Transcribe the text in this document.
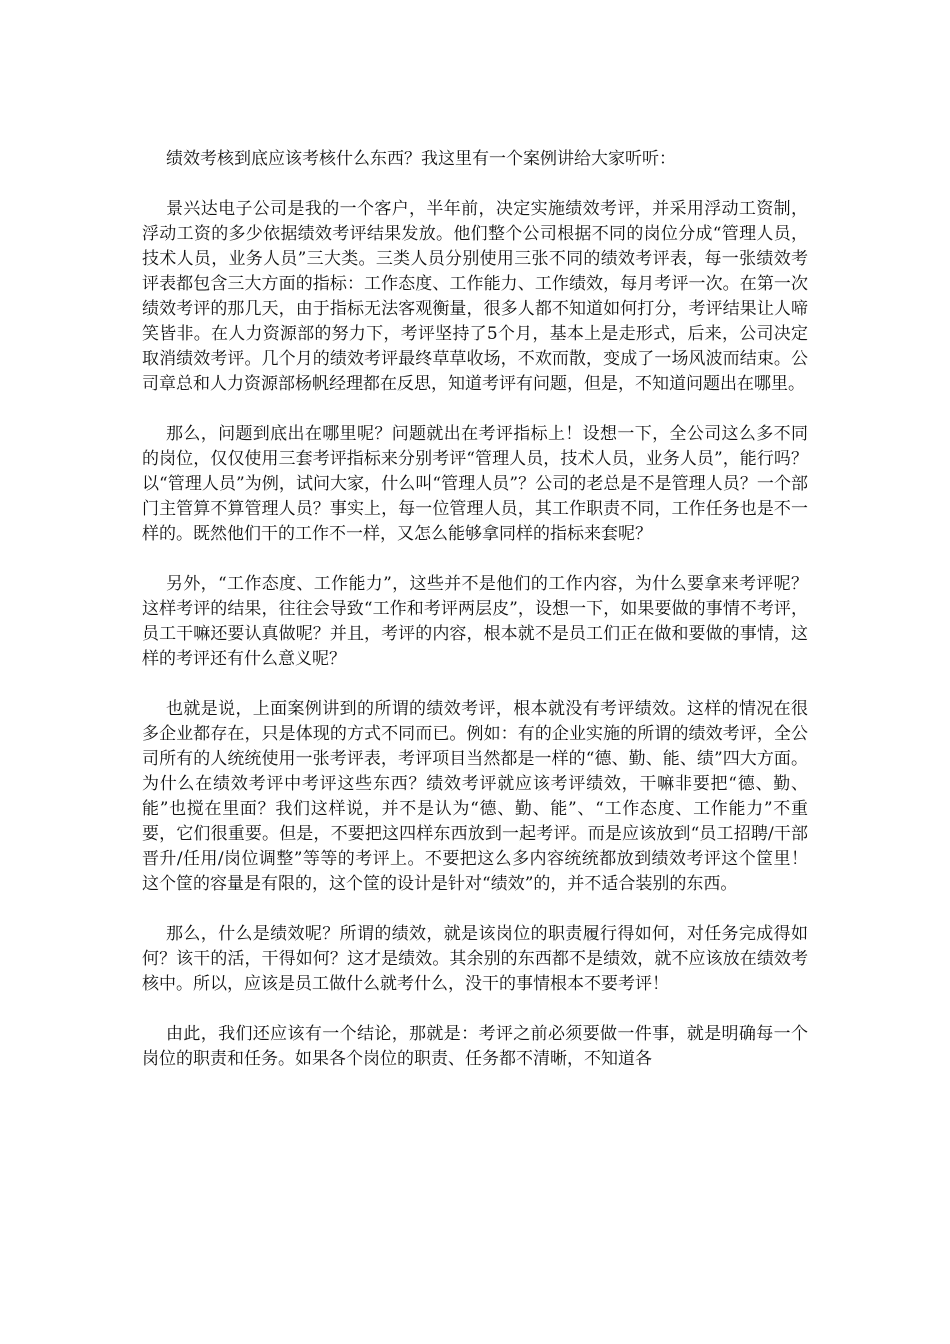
绩效考核到底应该考核什么东西？我这里有一个案例讲给大家听听：

景兴达电子公司是我的一个客户，半年前，决定实施绩效考评，并采用浮动工资制，浮动工资的多少依据绩效考评结果发放。他们整个公司根据不同的岗位分成“管理人员，技术人员，业务人员”三大类。三类人员分别使用三张不同的绩效考评表，每一张绩效考评表都包含三大方面的指标：工作态度、工作能力、工作绩效，每月考评一次。在第一次绩效考评的那几天，由于指标无法客观衡量，很多人都不知道如何打分，考评结果让人啼笑皆非。在人力资源部的努力下，考评坚持了5个月，基本上是走形式，后来，公司决定取消绩效考评。几个月的绩效考评最终草草收场，不欢而散，变成了一场风波而结束。公司章总和人力资源部杨帆经理都在反思，知道考评有问题，但是，不知道问题出在哪里。

那么，问题到底出在哪里呢？问题就出在考评指标上！设想一下，全公司这么多不同的岗位，仅仅使用三套考评指标来分别考评“管理人员，技术人员，业务人员”，能行吗？以“管理人员”为例，试问大家，什么叫“管理人员”？公司的老总是不是管理人员？一个部门主管算不算管理人员？事实上，每一位管理人员，其工作职责不同，工作任务也是不一样的。既然他们干的工作不一样，又怎么能够拿同样的指标来套呢？

另外，“工作态度、工作能力”，这些并不是他们的工作内容，为什么要拿来考评呢？这样考评的结果，往往会导致“工作和考评两层皮”，设想一下，如果要做的事情不考评，员工干嘛还要认真做呢？并且，考评的内容，根本就不是员工们正在做和要做的事情，这样的考评还有什么意义呢？

也就是说，上面案例讲到的所谓的绩效考评，根本就没有考评绩效。这样的情况在很多企业都存在，只是体现的方式不同而已。例如：有的企业实施的所谓的绩效考评，全公司所有的人统统使用一张考评表，考评项目当然都是一样的“德、勤、能、绩”四大方面。为什么在绩效考评中考评这些东西？绩效考评就应该考评绩效，干嘛非要把“德、勤、能”也搅在里面？我们这样说，并不是认为“德、勤、能”、“工作态度、工作能力”不重要，它们很重要。但是，不要把这四样东西放到一起考评。而是应该放到“员工招聘/干部晋升/任用/岗位调整”等等的考评上。不要把这么多内容统统都放到绩效考评这个筐里！这个筐的容量是有限的，这个筐的设计是针对“绩效”的，并不适合装别的东西。

那么，什么是绩效呢？所谓的绩效，就是该岗位的职责履行得如何，对任务完成得如何？该干的活，干得如何？这才是绩效。其余别的东西都不是绩效，就不应该放在绩效考核中。所以，应该是员工做什么就考什么，没干的事情根本不要考评！

由此，我们还应该有一个结论，那就是：考评之前必须要做一件事，就是明确每一个岗位的职责和任务。如果各个岗位的职责、任务都不清晰，不知道各
